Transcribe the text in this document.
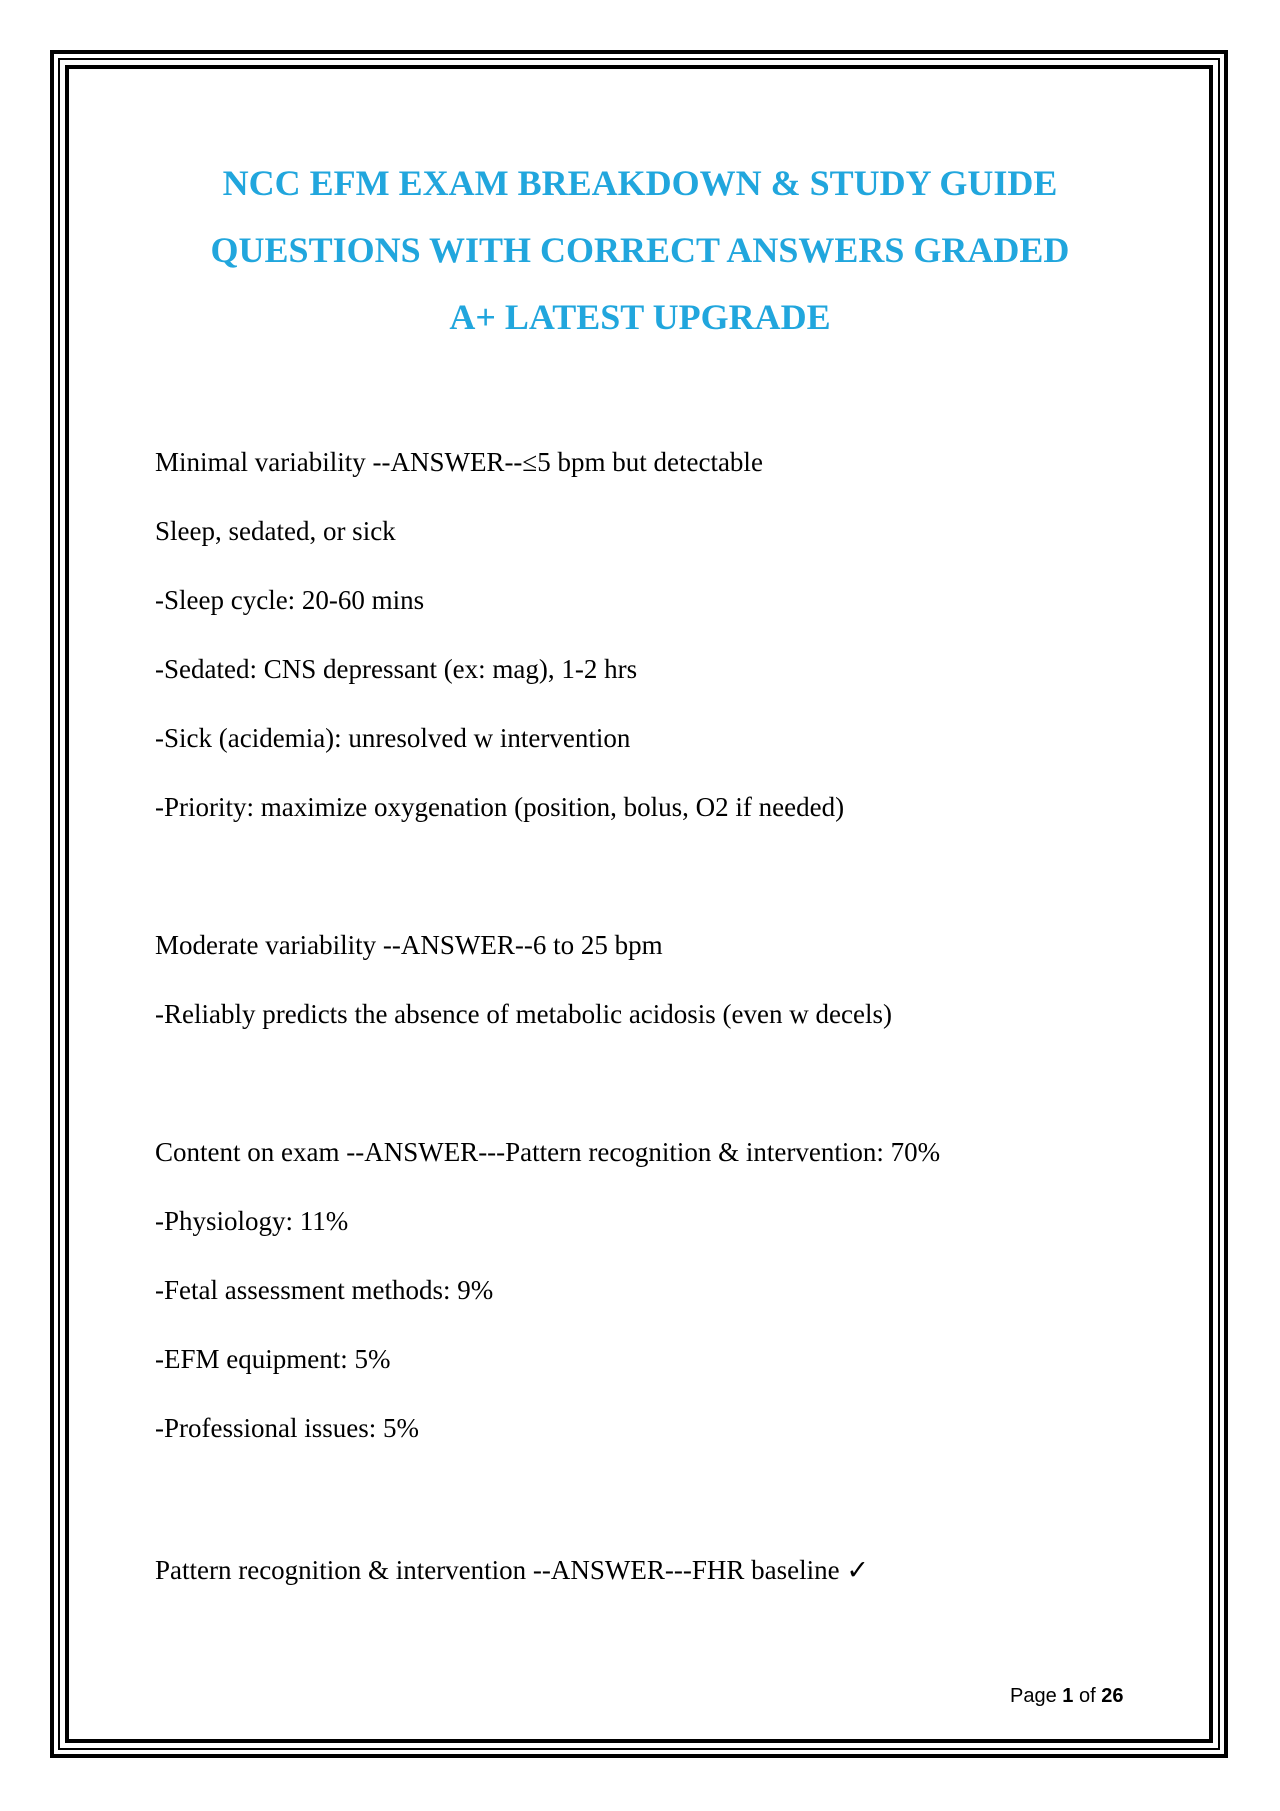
NCC EFM EXAM BREAKDOWN & STUDY GUIDE
QUESTIONS WITH CORRECT ANSWERS GRADED
A+ LATEST UPGRADE
Minimal variability --ANSWER--≤5 bpm but detectable
Sleep, sedated, or sick
-Sleep cycle: 20-60 mins
-Sedated: CNS depressant (ex: mag), 1-2 hrs
-Sick (acidemia): unresolved w intervention
-Priority: maximize oxygenation (position, bolus, O2 if needed)
Moderate variability --ANSWER--6 to 25 bpm
-Reliably predicts the absence of metabolic acidosis (even w decels)
Content on exam --ANSWER---Pattern recognition & intervention: 70%
-Physiology: 11%
-Fetal assessment methods: 9%
-EFM equipment: 5%
-Professional issues: 5%
Pattern recognition & intervention --ANSWER---FHR baseline ✓
Page 1 of 26
